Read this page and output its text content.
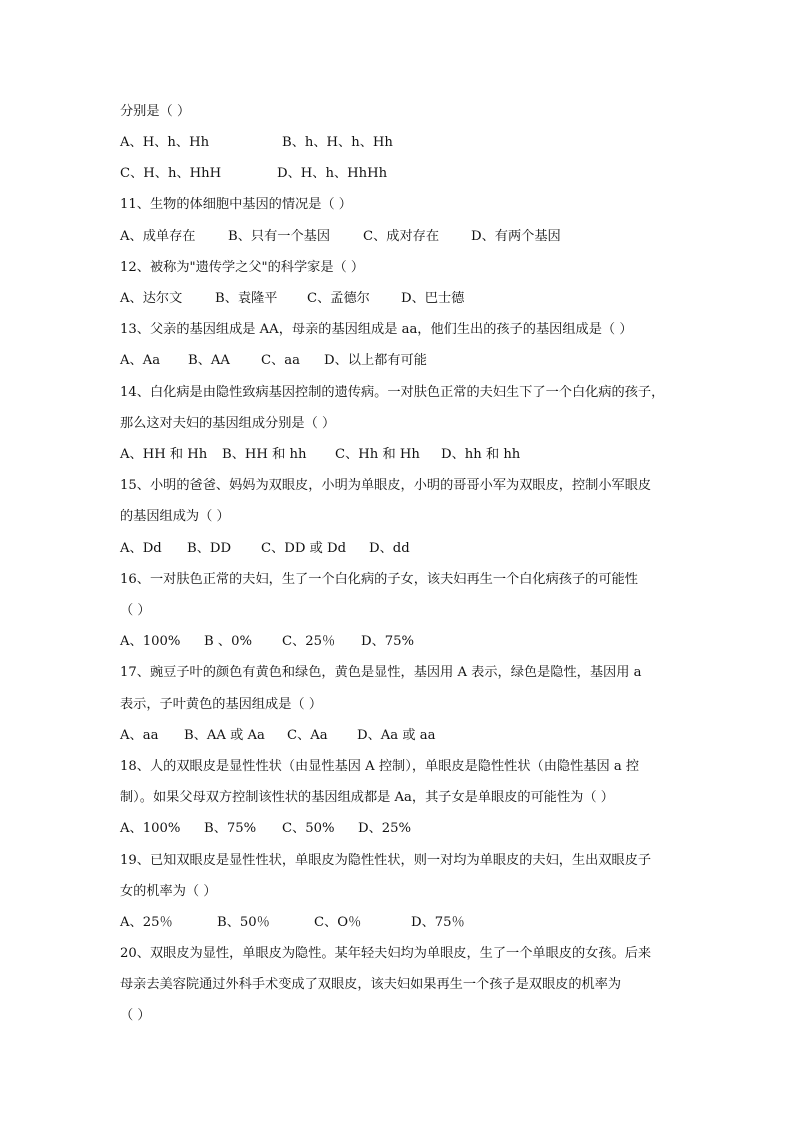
分别是（ ）
A、H、h、Hh	B、h、H、h、Hh
C、H、h、HhH	D、H、h、HhHh
11、生物的体细胞中基因的情况是（ ）
A、成单存在 B、只有一个基因 C、成对存在 D、有两个基因
12、被称为"遗传学之父"的科学家是（ ）
A、达尔文 B、袁隆平 C、孟德尔 D、巴士德
13、父亲的基因组成是 AA，母亲的基因组成是 aa，他们生出的孩子的基因组成是（ ）
A、Aa B、AA C、aa D、以上都有可能
14、白化病是由隐性致病基因控制的遗传病。一对肤色正常的夫妇生下了一个白化病的孩子，
那么这对夫妇的基因组成分别是（ ）
A、HH 和 Hh B、HH 和 hh C、Hh 和 Hh D、hh 和 hh
15、小明的爸爸、妈妈为双眼皮，小明为单眼皮，小明的哥哥小军为双眼皮，控制小军眼皮
的基因组成为（ ）
A、Dd B、DD C、DD 或 Dd D、dd
16、一对肤色正常的夫妇，生了一个白化病的子女，该夫妇再生一个白化病孩子的可能性
（ ）
A、100% B 、0% C、25％ D、75%
17、豌豆子叶的颜色有黄色和绿色，黄色是显性，基因用 A 表示，绿色是隐性，基因用 a
表示，子叶黄色的基因组成是（ ）
A、aa B、AA 或 Aa C、Aa D、Aa 或 aa
18、人的双眼皮是显性性状（由显性基因 A 控制），单眼皮是隐性性状（由隐性基因 a 控
制）。如果父母双方控制该性状的基因组成都是 Aa，其子女是单眼皮的可能性为（ ）
A、100% B、75% C、50% D、25%
19、已知双眼皮是显性性状，单眼皮为隐性性状，则一对均为单眼皮的夫妇，生出双眼皮子
女的机率为（ ）
A、25％	B、50％	C、O％	D、75％
20、双眼皮为显性，单眼皮为隐性。某年轻夫妇均为单眼皮，生了一个单眼皮的女孩。后来
母亲去美容院通过外科手术变成了双眼皮，该夫妇如果再生一个孩子是双眼皮的机率为
（ ）
